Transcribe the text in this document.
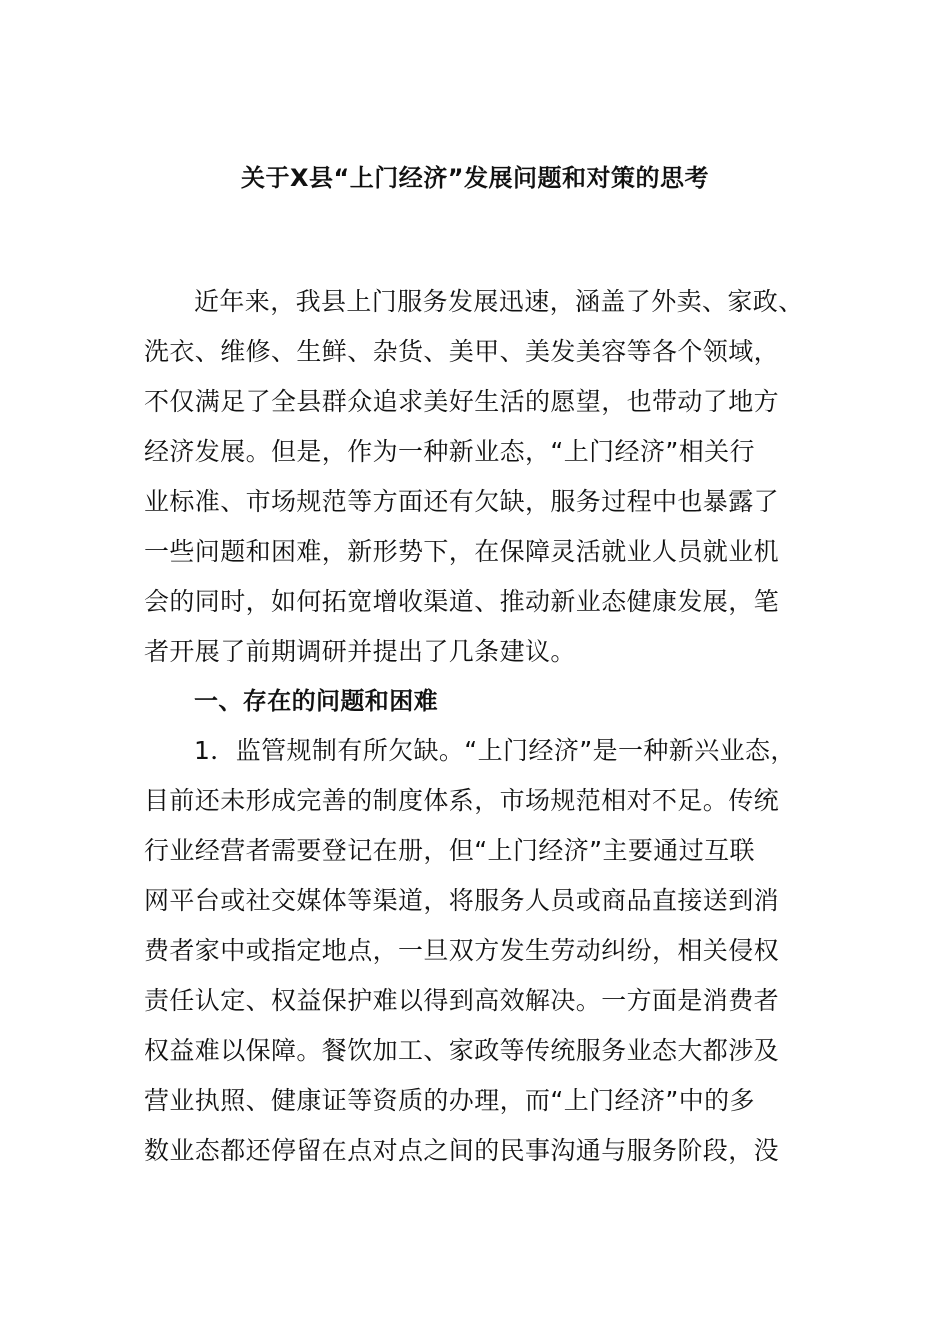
关于X县“上门经济”发展问题和对策的思考
近年来，我县上门服务发展迅速，涵盖了外卖、家政、
洗衣、维修、生鲜、杂货、美甲、美发美容等各个领域，
不仅满足了全县群众追求美好生活的愿望，也带动了地方
经济发展。但是，作为一种新业态，“上门经济”相关行
业标准、市场规范等方面还有欠缺，服务过程中也暴露了
一些问题和困难，新形势下，在保障灵活就业人员就业机
会的同时，如何拓宽增收渠道、推动新业态健康发展，笔
者开展了前期调研并提出了几条建议。
一、存在的问题和困难
1．监管规制有所欠缺。“上门经济”是一种新兴业态，
目前还未形成完善的制度体系，市场规范相对不足。传统
行业经营者需要登记在册，但“上门经济”主要通过互联
网平台或社交媒体等渠道，将服务人员或商品直接送到消
费者家中或指定地点，一旦双方发生劳动纠纷，相关侵权
责任认定、权益保护难以得到高效解决。一方面是消费者
权益难以保障。餐饮加工、家政等传统服务业态大都涉及
营业执照、健康证等资质的办理，而“上门经济”中的多
数业态都还停留在点对点之间的民事沟通与服务阶段，没
